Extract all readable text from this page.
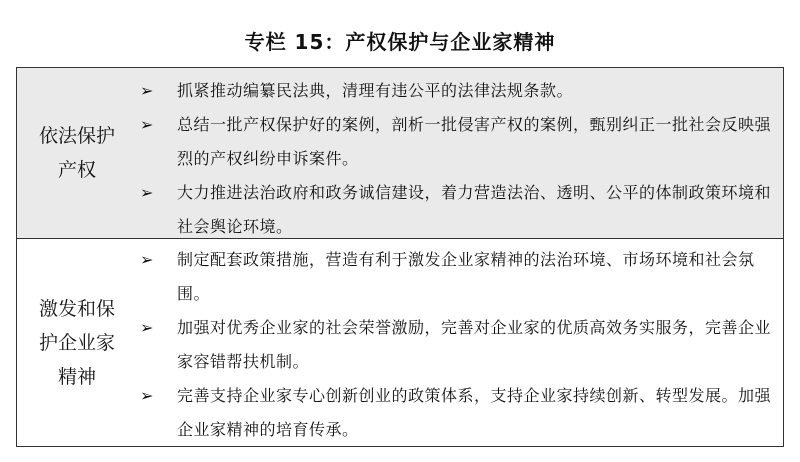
专栏 15：产权保护与企业家精神
依法保护
产权
➢ 抓紧推动编纂民法典，清理有违公平的法律法规条款。
➢ 总结一批产权保护好的案例，剖析一批侵害产权的案例，甄别纠正一批社会反映强烈的产权纠纷申诉案件。
➢ 大力推进法治政府和政务诚信建设，着力营造法治、透明、公平的体制政策环境和社会舆论环境。
激发和保
护企业家
精神
➢ 制定配套政策措施，营造有利于激发企业家精神的法治环境、市场环境和社会氛围。
➢ 加强对优秀企业家的社会荣誉激励，完善对企业家的优质高效务实服务，完善企业家容错帮扶机制。
➢ 完善支持企业家专心创新创业的政策体系，支持企业家持续创新、转型发展。加强企业家精神的培育传承。
